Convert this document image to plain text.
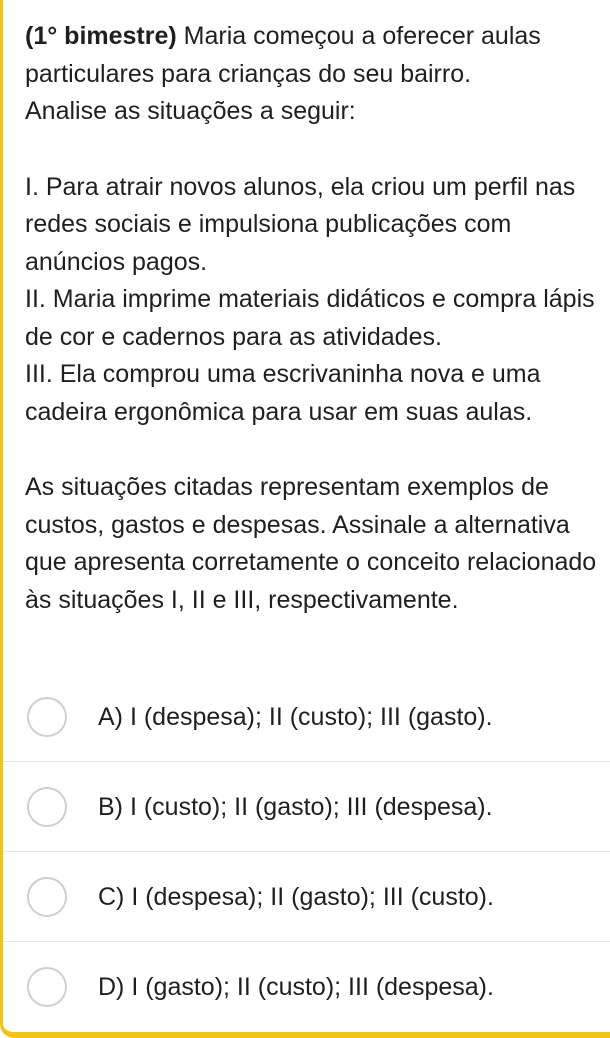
(1° bimestre) Maria começou a oferecer aulas particulares para crianças do seu bairro.

Analise as situações a seguir:

I. Para atrair novos alunos, ela criou um perfil nas redes sociais e impulsiona publicações com anúncios pagos.

II. Maria imprime materiais didáticos e compra lápis de cor e cadernos para as atividades.

III. Ela comprou uma escrivaninha nova e uma cadeira ergonômica para usar em suas aulas.

As situações citadas representam exemplos de custos, gastos e despesas. Assinale a alternativa que apresenta corretamente o conceito relacionado às situações I, II e III, respectivamente.

A) I (despesa); II (custo); III (gasto).
B) I (custo); II (gasto); III (despesa).
C) I (despesa); II (gasto); III (custo).
D) I (gasto); II (custo); III (despesa).
